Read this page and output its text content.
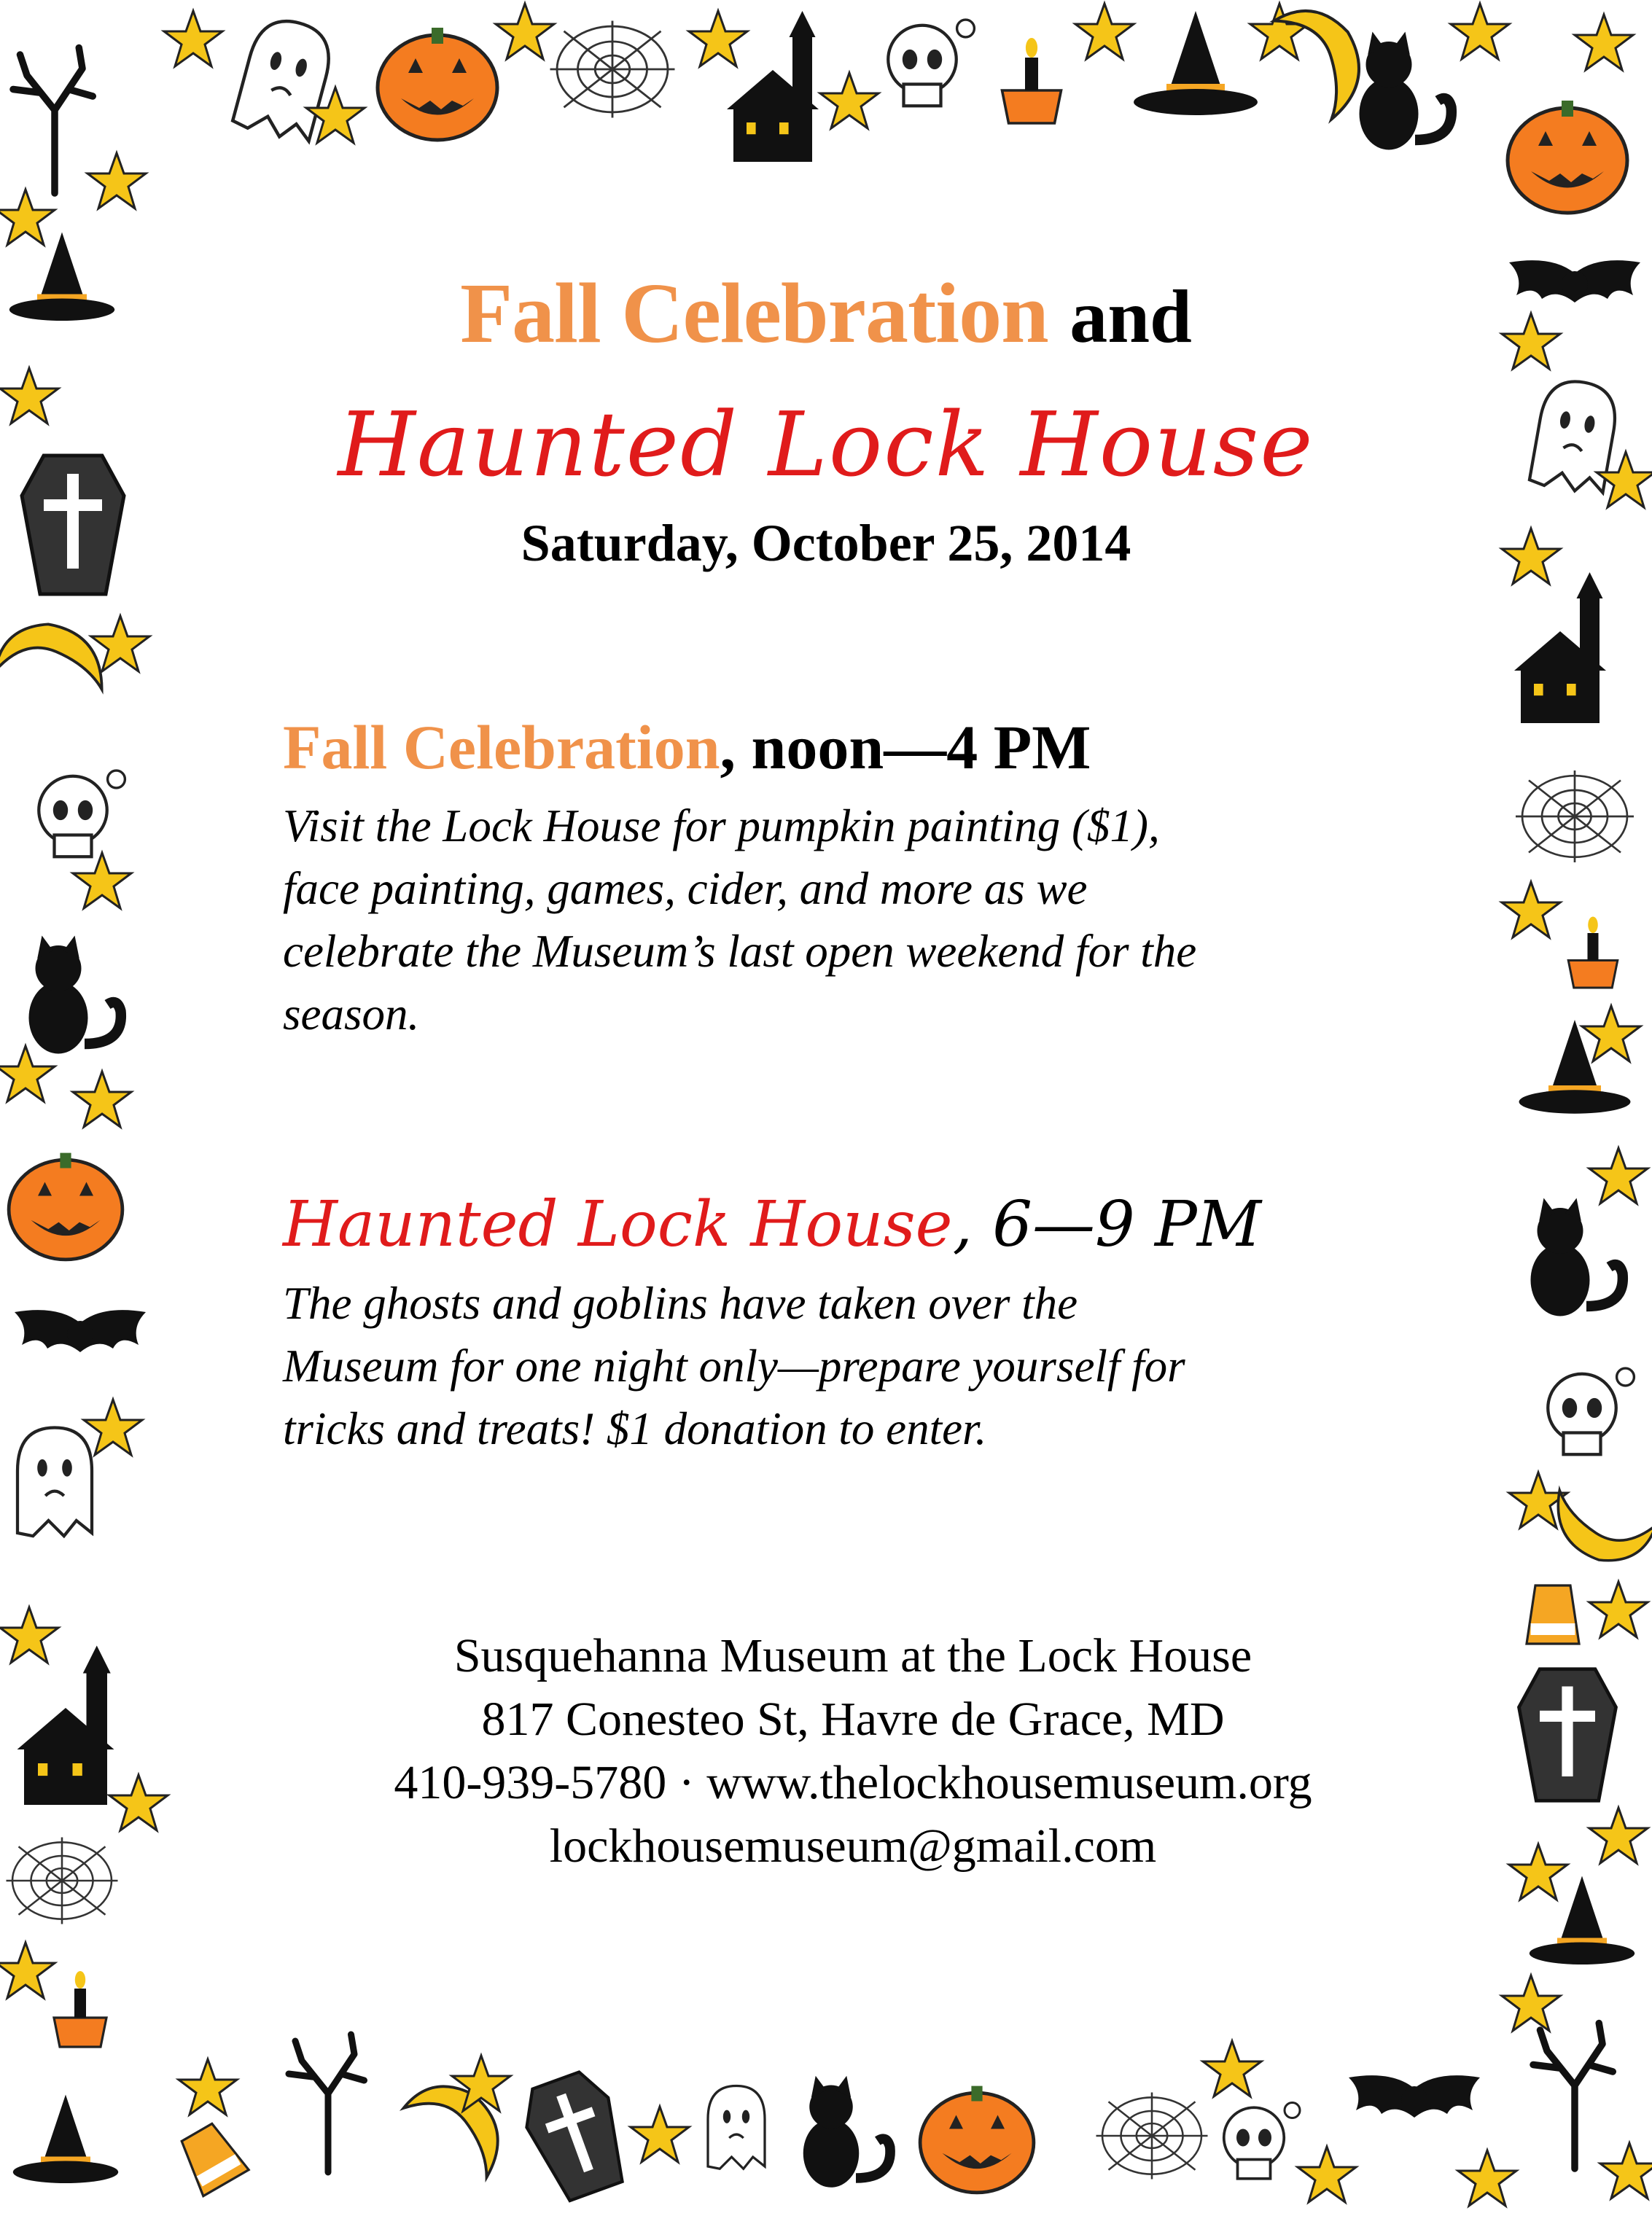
Fall Celebration and
Haunted Lock House
Saturday, October 25, 2014
Fall Celebration, noon—4 PM
Visit the Lock House for pumpkin painting ($1),
face painting, games, cider, and more as we
celebrate the Museum’s last open weekend for the
season.
Haunted Lock House, 6—9 PM
The ghosts and goblins have taken over the
Museum for one night only—prepare yourself for
tricks and treats! $1 donation to enter.
Susquehanna Museum at the Lock House
817 Conesteo St, Havre de Grace, MD
410-939-5780 · www.thelockhousemuseum.org
lockhousemuseum@gmail.com
